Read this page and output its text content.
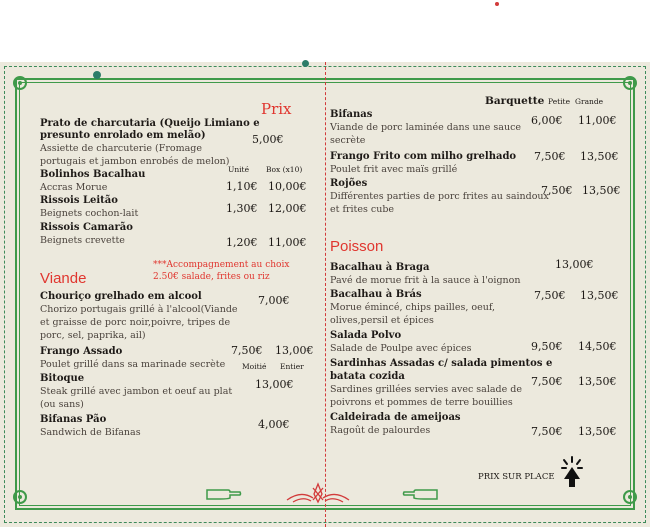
Prix
Prato de charcutaria (Queijo Limiano e
presunto enrolado em melão)
Assiette de charcuterie (Fromage
portugais et jambon enrobés de melon)
5,00€
Unité Box (x10)
Bolinhos Bacalhau
Accras Morue	1,10€ 10,00€
Rissois Leitão
Beignets cochon-lait	1,30€ 12,00€
Rissois Camarão
Beignets crevette	1,20€ 11,00€
***Accompagnement au choix 2.50€ salade, frites ou riz
Viande
Chouriço grelhado em alcool
Chorizo portugais grillé à l'alcool(Viande
et graisse de porc noir,poivre, tripes de
porc, sel, paprika, ail)
7,00€
Frango Assado
Poulet grillé dans sa marinade secrète
7,50€ 13,00€
Moitié Entier
Bitoque
Steak grillé avec jambon et oeuf au plat
(ou sans)
13,00€
Bifanas Pão
Sandwich de Bifanas
4,00€
Barquette Petite Grande
Bifanas
Viande de porc laminée dans une sauce
secrète
6,00€ 11,00€
Frango Frito com milho grelhado
Poulet frit avec maïs grillé
7,50€ 13,50€
Rojões
Différentes parties de porc frites au saindoux
et frites cube
7,50€ 13,50€
Poisson
Bacalhau à Braga
Pavé de morue frit à la sauce à l'oignon
13,00€
Bacalhau à Brás
Morue émincé, chips pailles, oeuf,
olives,persil et épices
7,50€ 13,50€
Salada Polvo
Salade de Poulpe avec épices	9,50€ 14,50€
Sardinhas Assadas c/ salada pimentos e
batata cozida
Sardines grillées servies avec salade de
poivrons et pommes de terre bouillies
7,50€ 13,50€
Caldeirada de ameijoas
Ragoût de palourdes	7,50€ 13,50€
PRIX SUR PLACE
